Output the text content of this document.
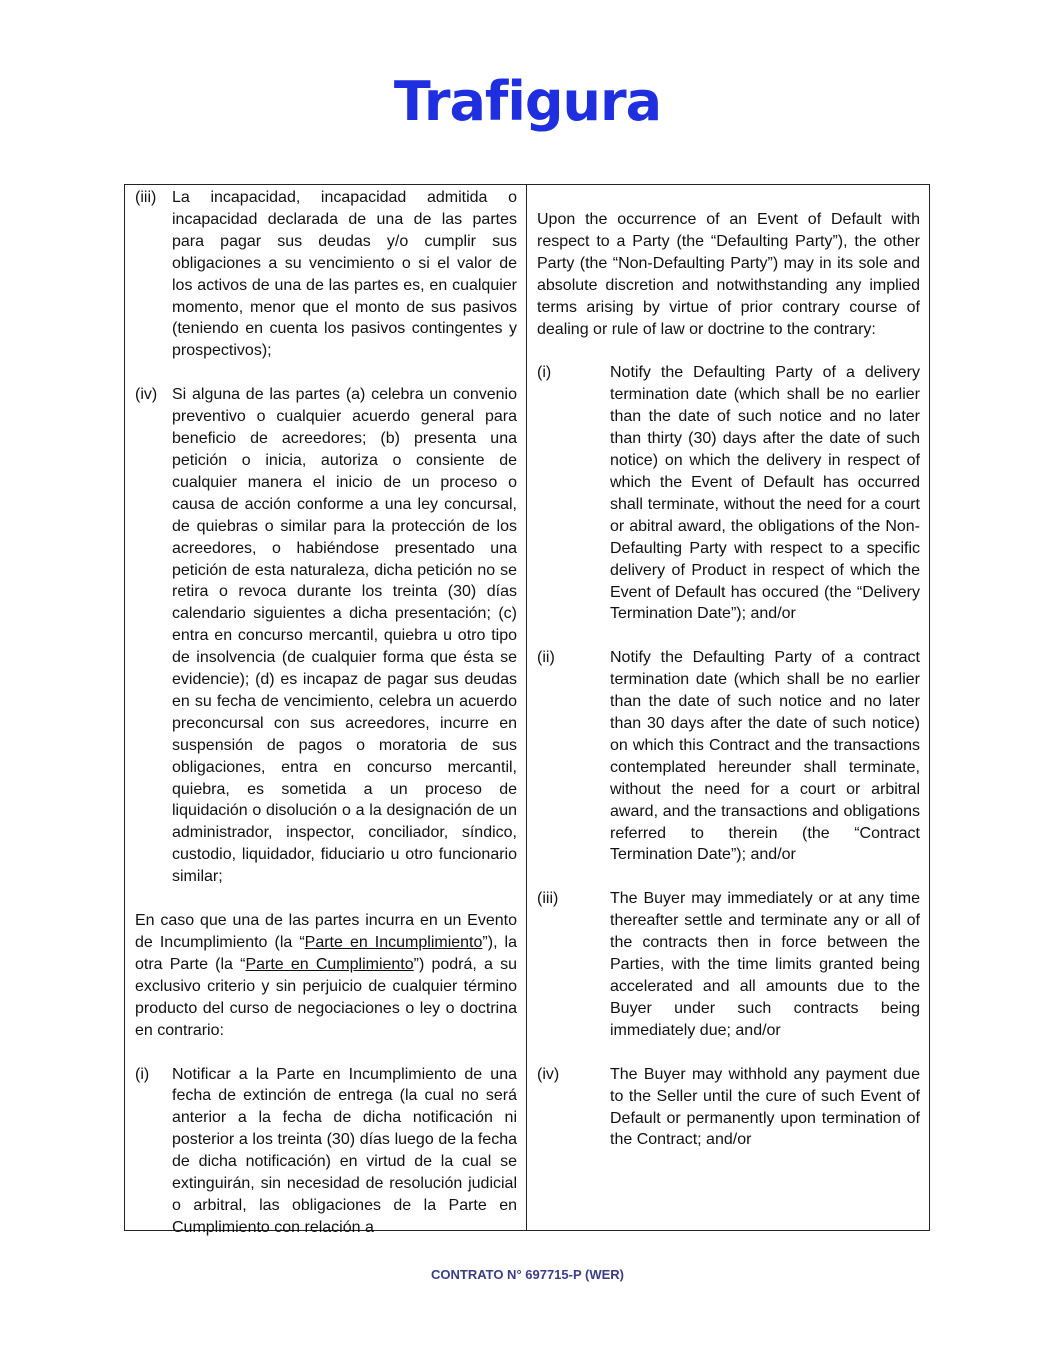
Trafigura
(iii) La incapacidad, incapacidad admitida o incapacidad declarada de una de las partes para pagar sus deudas y/o cumplir sus obligaciones a su vencimiento o si el valor de los activos de una de las partes es, en cualquier momento, menor que el monto de sus pasivos (teniendo en cuenta los pasivos contingentes y prospectivos);
(iv) Si alguna de las partes (a) celebra un convenio preventivo o cualquier acuerdo general para beneficio de acreedores; (b) presenta una petición o inicia, autoriza o consiente de cualquier manera el inicio de un proceso o causa de acción conforme a una ley concursal, de quiebras o similar para la protección de los acreedores, o habiéndose presentado una petición de esta naturaleza, dicha petición no se retira o revoca durante los treinta (30) días calendario siguientes a dicha presentación; (c) entra en concurso mercantil, quiebra u otro tipo de insolvencia (de cualquier forma que ésta se evidencie); (d) es incapaz de pagar sus deudas en su fecha de vencimiento, celebra un acuerdo preconcursal con sus acreedores, incurre en suspensión de pagos o moratoria de sus obligaciones, entra en concurso mercantil, quiebra, es sometida a un proceso de liquidación o disolución o a la designación de un administrador, inspector, conciliador, síndico, custodio, liquidador, fiduciario u otro funcionario similar;
En caso que una de las partes incurra en un Evento de Incumplimiento (la “Parte en Incumplimiento”), la otra Parte (la “Parte en Cumplimiento”) podrá, a su exclusivo criterio y sin perjuicio de cualquier término producto del curso de negociaciones o ley o doctrina en contrario:
(i)	Notificar a la Parte en Incumplimiento de una fecha de extinción de entrega (la cual no será anterior a la fecha de dicha notificación ni posterior a los treinta (30) días luego de la fecha de dicha notificación) en virtud de la cual se extinguirán, sin necesidad de resolución judicial o arbitral, las obligaciones de la Parte en Cumplimiento con relación a
Upon the occurrence of an Event of Default with respect to a Party (the “Defaulting Party”), the other Party (the “Non-Defaulting Party”) may in its sole and absolute discretion and notwithstanding any implied terms arising by virtue of prior contrary course of dealing or rule of law or doctrine to the contrary:
(i)	Notify the Defaulting Party of a delivery termination date (which shall be no earlier than the date of such notice and no later than thirty (30) days after the date of such notice) on which the delivery in respect of which the Event of Default has occurred shall terminate, without the need for a court or abitral award, the obligations of the Non-Defaulting Party with respect to a specific delivery of Product in respect of which the Event of Default has occured (the “Delivery Termination Date”); and/or
(ii)	Notify the Defaulting Party of a contract termination date (which shall be no earlier than the date of such notice and no later than 30 days after the date of such notice) on which this Contract and the transactions contemplated hereunder shall terminate, without the need for a court or arbitral award, and the transactions and obligations referred to therein (the “Contract Termination Date”); and/or
(iii)	The Buyer may immediately or at any time thereafter settle and terminate any or all of the contracts then in force between the Parties, with the time limits granted being accelerated and all amounts due to the Buyer under such contracts being immediately due; and/or
(iv)	The Buyer may withhold any payment due to the Seller until the cure of such Event of Default or permanently upon termination of the Contract; and/or
CONTRATO N° 697715-P (WER)
